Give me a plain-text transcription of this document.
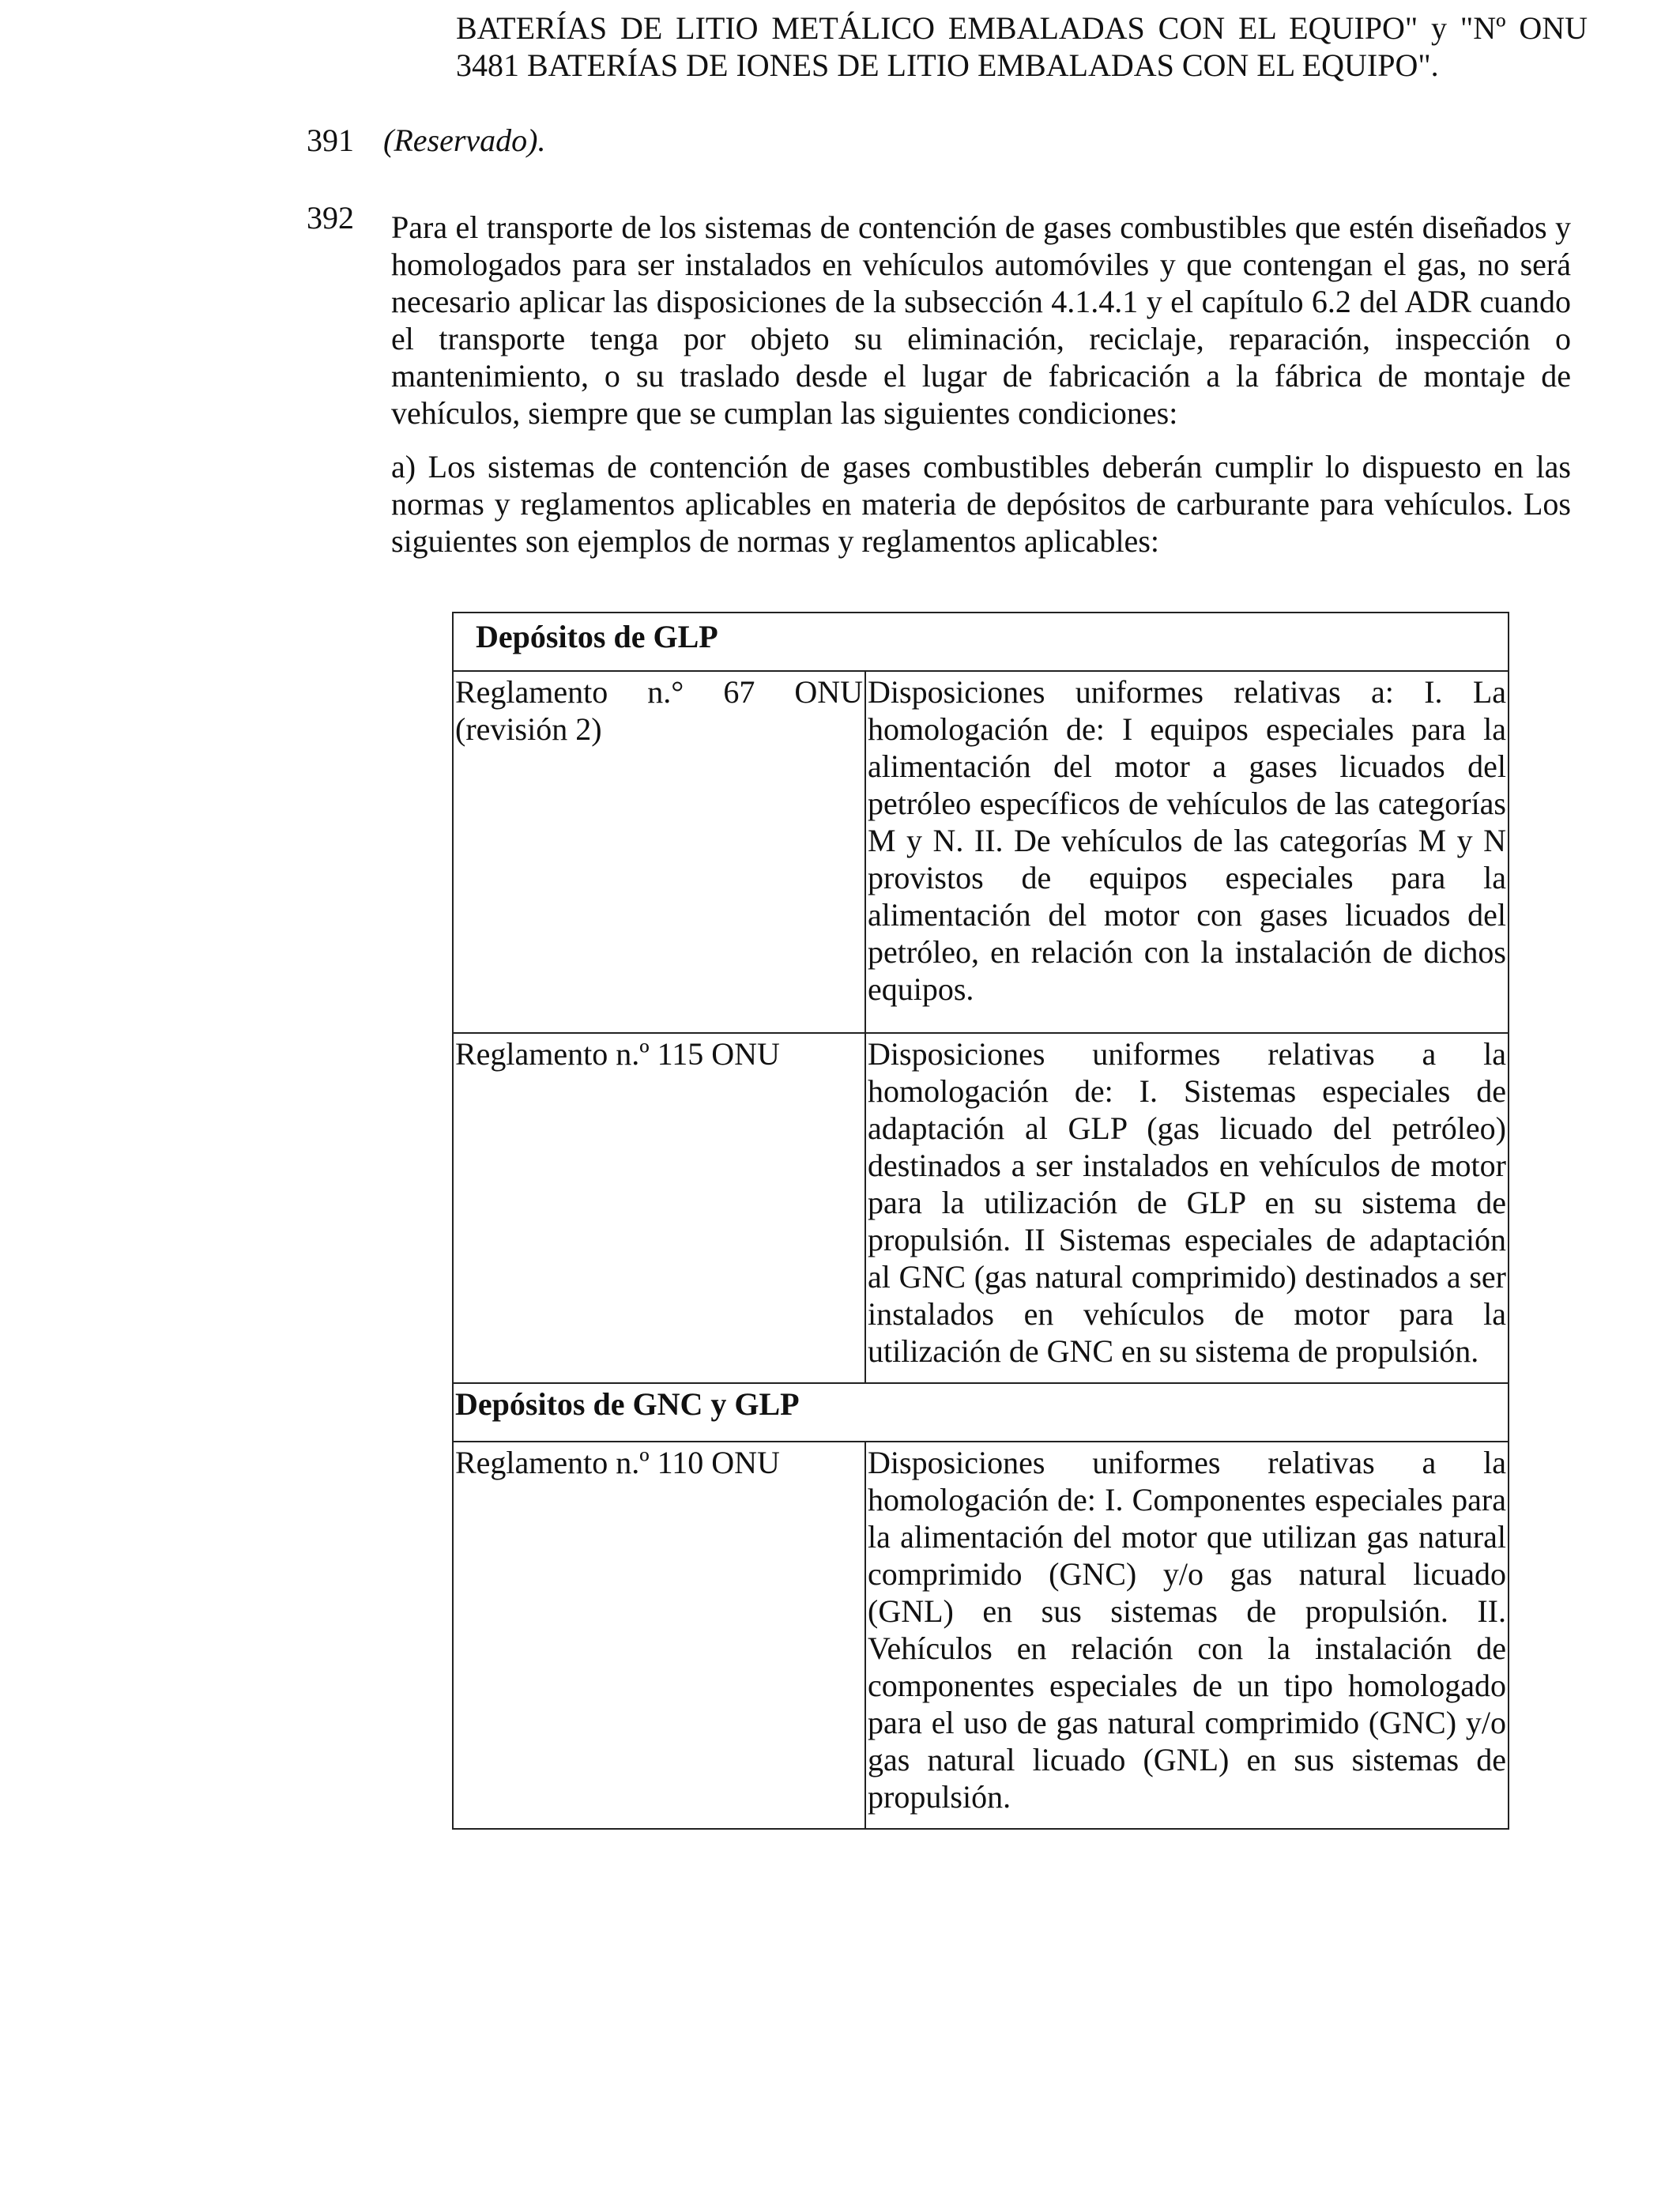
BATERÍAS DE LITIO METÁLICO EMBALADAS CON EL EQUIPO" y "Nº ONU 3481 BATERÍAS DE IONES DE LITIO EMBALADAS CON EL EQUIPO".

391 (Reservado).

392 Para el transporte de los sistemas de contención de gases combustibles que estén diseñados y homologados para ser instalados en vehículos automóviles y que contengan el gas, no será necesario aplicar las disposiciones de la subsección 4.1.4.1 y el capítulo 6.2 del ADR cuando el transporte tenga por objeto su eliminación, reciclaje, reparación, inspección o mantenimiento, o su traslado desde el lugar de fabricación a la fábrica de montaje de vehículos, siempre que se cumplan las siguientes condiciones:

a) Los sistemas de contención de gases combustibles deberán cumplir lo dispuesto en las normas y reglamentos aplicables en materia de depósitos de carburante para vehículos. Los siguientes son ejemplos de normas y reglamentos aplicables:

Depósitos de GLP	

Reglamento n.° 67 ONU (revisión 2)	Disposiciones uniformes relativas a: I. La homologación de: I equipos especiales para la alimentación del motor a gases licuados del petróleo específicos de vehículos de las categorías M y N. II. De vehículos de las categorías M y N provistos de equipos especiales para la alimentación del motor con gases licuados del petróleo, en relación con la instalación de dichos equipos.

Reglamento n.º 115 ONU	Disposiciones uniformes relativas a la homologación de: I. Sistemas especiales de adaptación al GLP (gas licuado del petróleo) destinados a ser instalados en vehículos de motor para la utilización de GLP en su sistema de propulsión. II Sistemas especiales de adaptación al GNC (gas natural comprimido) destinados a ser instalados en vehículos de motor para la utilización de GNC en su sistema de propulsión.

Depósitos de GNC y GLP	

Reglamento n.º 110 ONU	Disposiciones uniformes relativas a la homologación de: I. Componentes especiales para la alimentación del motor que utilizan gas natural comprimido (GNC) y/o gas natural licuado (GNL) en sus sistemas de propulsión. II. Vehículos en relación con la instalación de componentes especiales de un tipo homologado para el uso de gas natural comprimido (GNC) y/o gas natural licuado (GNL) en sus sistemas de propulsión.
